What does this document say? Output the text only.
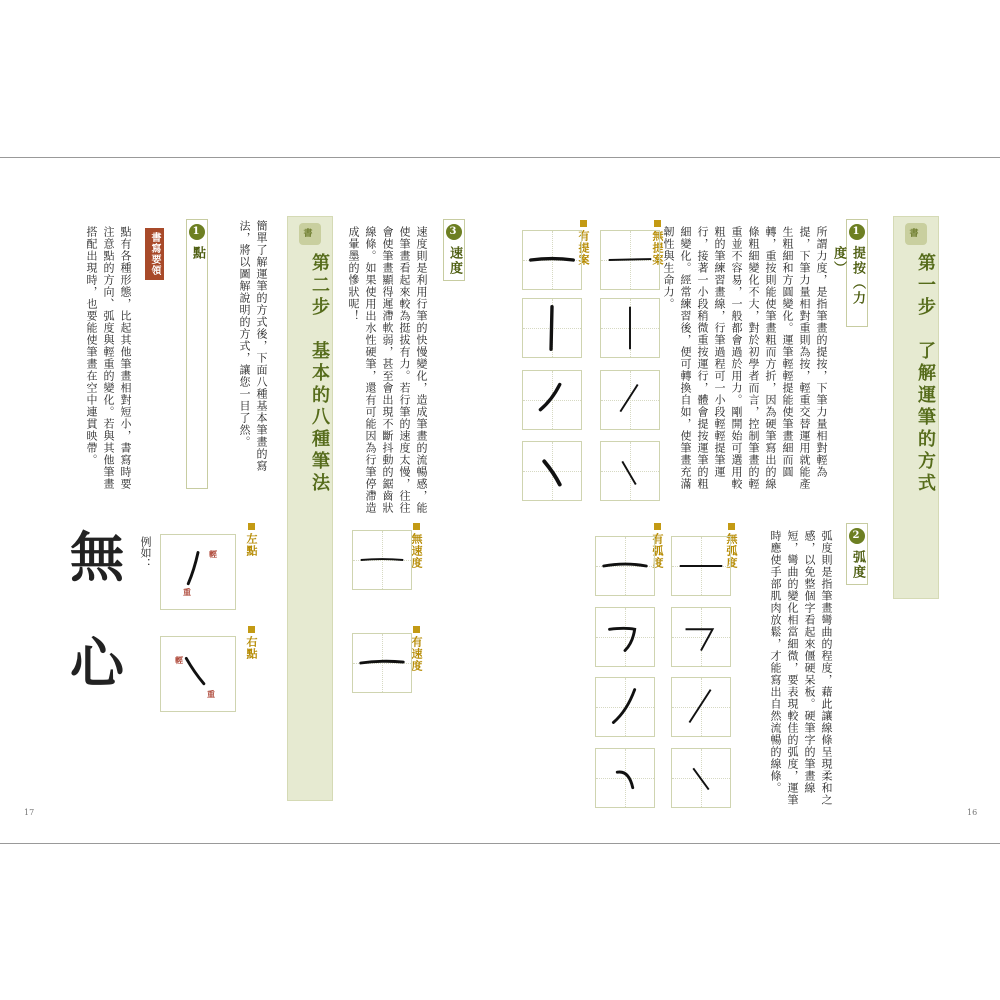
書
第一步　了解運筆的方式
1
提按（力度）
所謂力度，是指筆畫的提按，下筆力量相對輕為提，下筆力量相對重則為按，輕重交替運用就能產生粗細和方圓變化。運筆輕輕提能使筆畫細而圓轉，重按則能使筆畫粗而方折，因為硬筆寫出的線條粗細變化不大，對於初學者而言，控制筆畫的輕重並不容易，一般都會過於用力。剛開始可選用較粗的筆練習畫線，行筆過程可一小段輕輕提筆運行，接著一小段稍微重按運行，體會提按運筆的粗細變化。經常練習後，便可轉換自如，使筆畫充滿韌性與生命力。
無提案
有提案
2
弧度
弧度則是指筆畫彎曲的程度，藉此讓線條呈現柔和之感，以免整個字看起來僵硬呆板。硬筆字的筆畫線短，彎曲的變化相當細微，要表現較佳的弧度，運筆時應使手部肌肉放鬆，才能寫出自然流暢的線條。
無弧度
有弧度
16
3
速度
速度則是利用行筆的快慢變化，造成筆畫的流暢感，能使筆畫看起來較為挺拔有力。若行筆的速度太慢，往往會使筆畫顯得遲滯軟弱，甚至會出現不斷抖動的鋸齒狀線條。如果使用出水性硬筆，還有可能因為行筆停滯造成暈墨的慘狀呢！
無速度
有速度
書
第二步　基本的八種筆法
簡單了解運筆的方式後，下面八種基本筆畫的寫法，將以圖解說明的方式，讓您一目了然。
1
點
書寫要領
點有各種形態，比起其他筆畫相對短小，書寫時要注意點的方向、弧度與輕重的變化。若與其他筆畫搭配出現時，也要能使筆畫在空中連貫映帶。
左點
右點
輕
重
輕
重
例如：
無
心
17
